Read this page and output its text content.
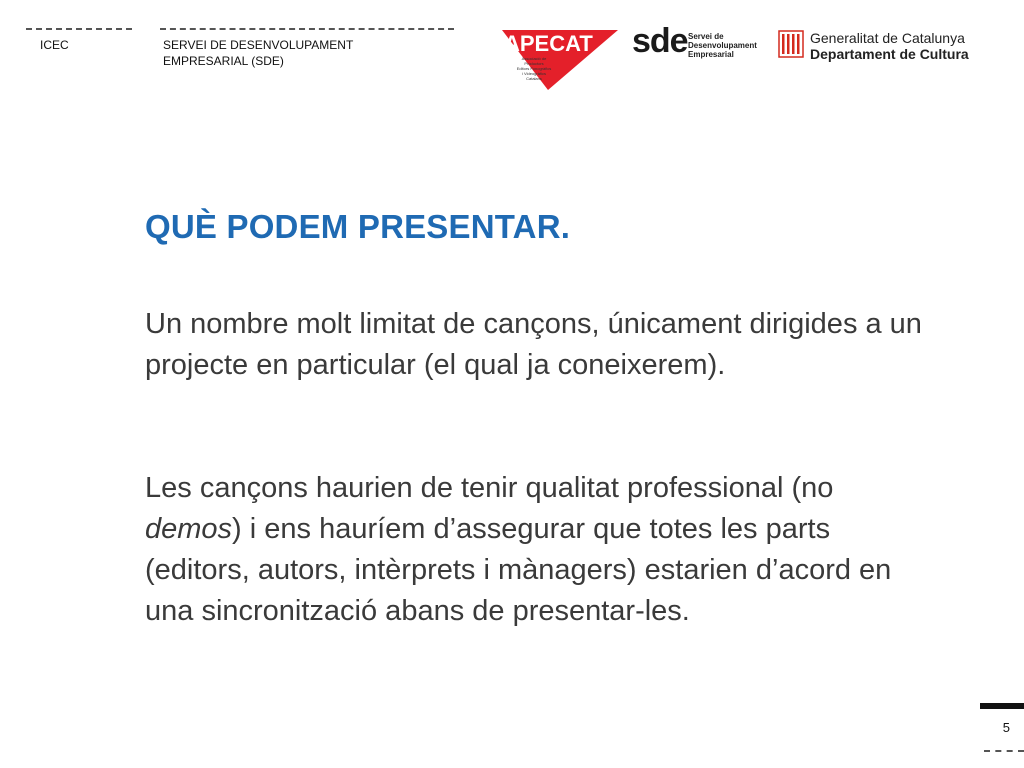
ICEC	SERVEI DE DESENVOLUPAMENT
EMPRESARIAL (SDE)
APECAT
Associació de
Productors
Editors Fonogràfics
i Videogràfics
Catalans
sde Servei de
Desenvolupament
Empresarial
Generalitat de Catalunya
Departament de Cultura
QUÈ PODEM PRESENTAR.

Un nombre molt limitat de cançons, únicament dirigides a un projecte en particular (el qual ja coneixerem).

Les cançons haurien de tenir qualitat professional (no demos) i ens hauríem d’assegurar que totes les parts (editors, autors, intèrprets i mànagers) estarien d’acord en una sincronització abans de presentar-les.

5
